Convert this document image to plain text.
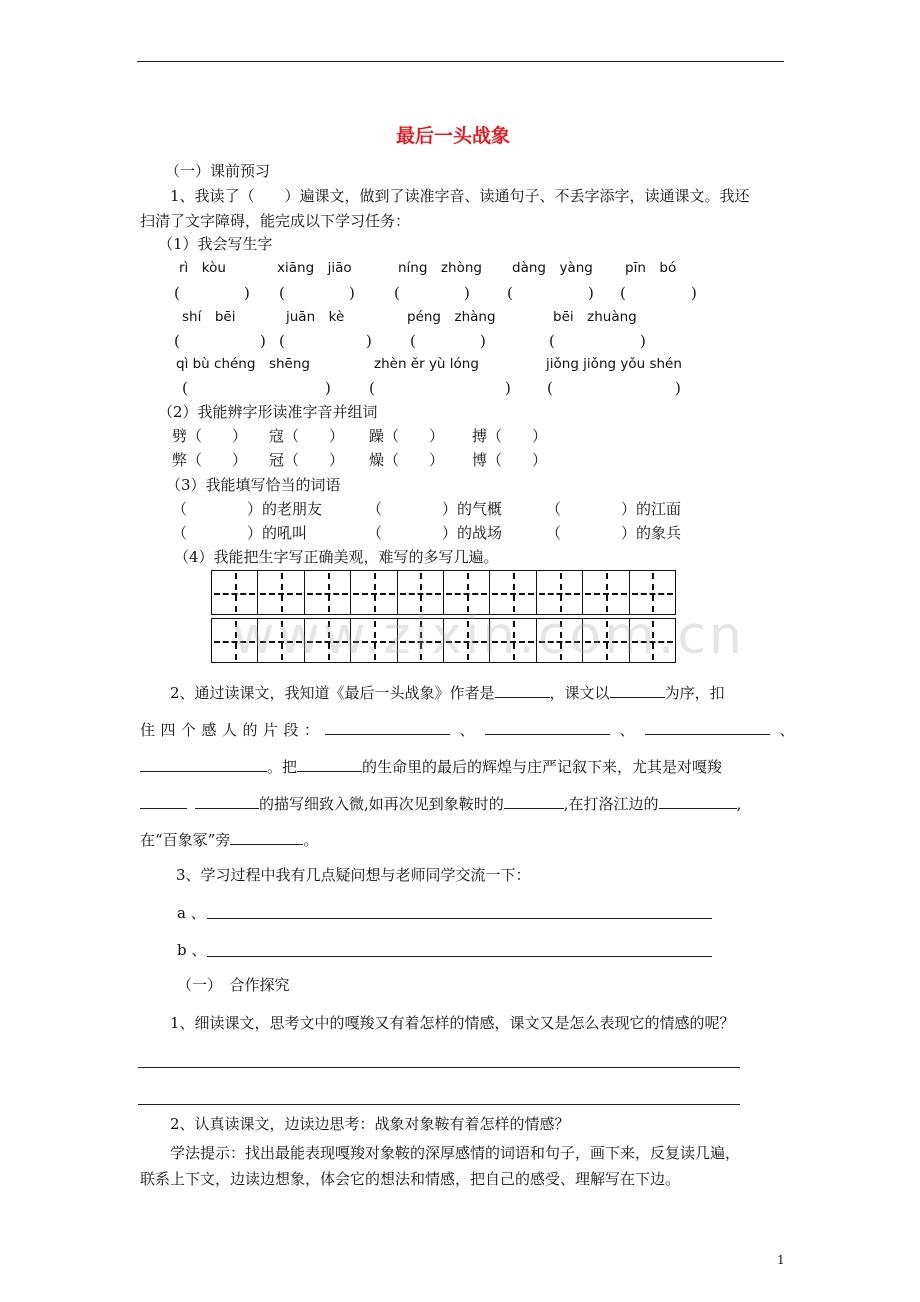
最后一头战象
（一）课前预习
1、我读了（　　）遍课文，做到了读准字音、读通句子、不丢字添字，读通课文。我还
扫清了文字障碍，能完成以下学习任务：
（1）我会写生字
rì　kòu	xiāng　jiāo	níng　zhòng dàng　yàng pīn　bó
(	) (	)	(	) (	) (	)
shí　bēi	juān　kè	péng　zhàng	bēi　zhuàng
(	) (	)	(	)	(	)
qì bù chéng　shēng	zhèn ěr yù lóng	jiǒng jiǒng yǒu shén
(	)	(	) (	)
（2）我能辨字形读准字音并组词
劈（　　） 寇（　　） 躁（　　） 搏（　　）
弊（　　） 冠（　　） 燥（　　） 博（　　）
（3）我能填写恰当的词语
（　　　　）的老朋友	（　　　　）的气概	（　　　　）的江面
（　　　　）的吼叫	（　　　　）的战场	（　　　　）的象兵
（4）我能把生字写正确美观，难写的多写几遍。
www.zixin.com.cn
2、通过读课文，我知道《最后一头战象》作者是	，课文以	为序，扣
住四个感人的片段：	、	、	、
。把	的生命里的最后的辉煌与庄严记叙下来，尤其是对嘎羧
的描写细致入微,如再次见到象鞍时的	,在打洛江边的	,
在“百象冢”旁	。
3、学习过程中我有几点疑问想与老师同学交流一下：
a 、
b 、
（一）　合作探究
1、细读课文，思考文中的嘎羧又有着怎样的情感，课文又是怎么表现它的情感的呢？
2、认真读课文，边读边思考：战象对象鞍有着怎样的情感？
学法提示：找出最能表现嘎羧对象鞍的深厚感情的词语和句子，画下来，反复读几遍，
联系上下文，边读边想象，体会它的想法和情感，把自己的感受、理解写在下边。
1
